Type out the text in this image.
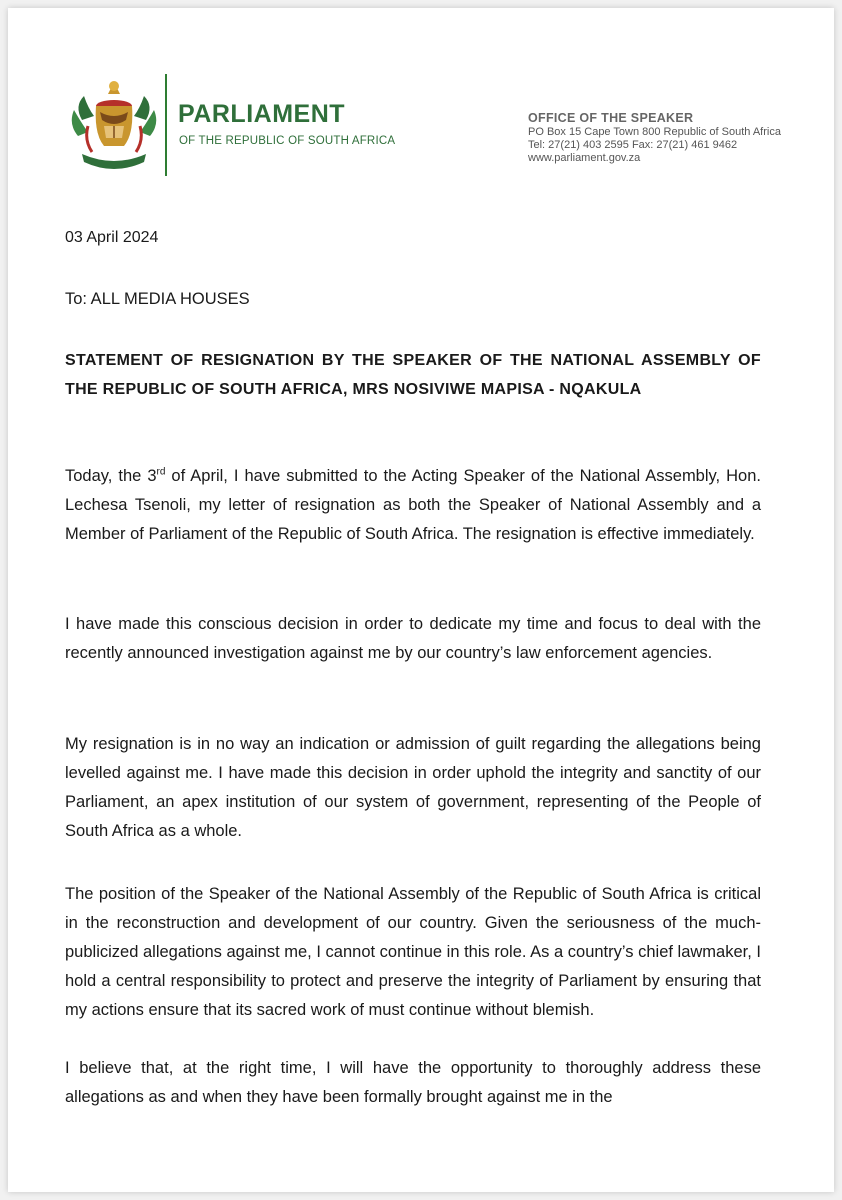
PARLIAMENT
OF THE REPUBLIC OF SOUTH AFRICA
OFFICE OF THE SPEAKER
PO Box 15 Cape Town 800 Republic of South Africa
Tel: 27(21) 403 2595 Fax: 27(21) 461 9462
www.parliament.gov.za
03 April 2024
To: ALL MEDIA HOUSES
STATEMENT OF RESIGNATION BY THE SPEAKER OF THE NATIONAL ASSEMBLY OF THE REPUBLIC OF SOUTH AFRICA, MRS NOSIVIWE MAPISA - NQAKULA

Today, the 3rd of April, I have submitted to the Acting Speaker of the National Assembly, Hon. Lechesa Tsenoli, my letter of resignation as both the Speaker of National Assembly and a Member of Parliament of the Republic of South Africa. The resignation is effective immediately.

I have made this conscious decision in order to dedicate my time and focus to deal with the recently announced investigation against me by our country’s law enforcement agencies.

My resignation is in no way an indication or admission of guilt regarding the allegations being levelled against me. I have made this decision in order uphold the integrity and sanctity of our Parliament, an apex institution of our system of government, representing of the People of South Africa as a whole.

The position of the Speaker of the National Assembly of the Republic of South Africa is critical in the reconstruction and development of our country. Given the seriousness of the much-publicized allegations against me, I cannot continue in this role. As a country’s chief lawmaker, I hold a central responsibility to protect and preserve the integrity of Parliament by ensuring that my actions ensure that its sacred work of must continue without blemish.

I believe that, at the right time, I will have the opportunity to thoroughly address these allegations as and when they have been formally brought against me in the
